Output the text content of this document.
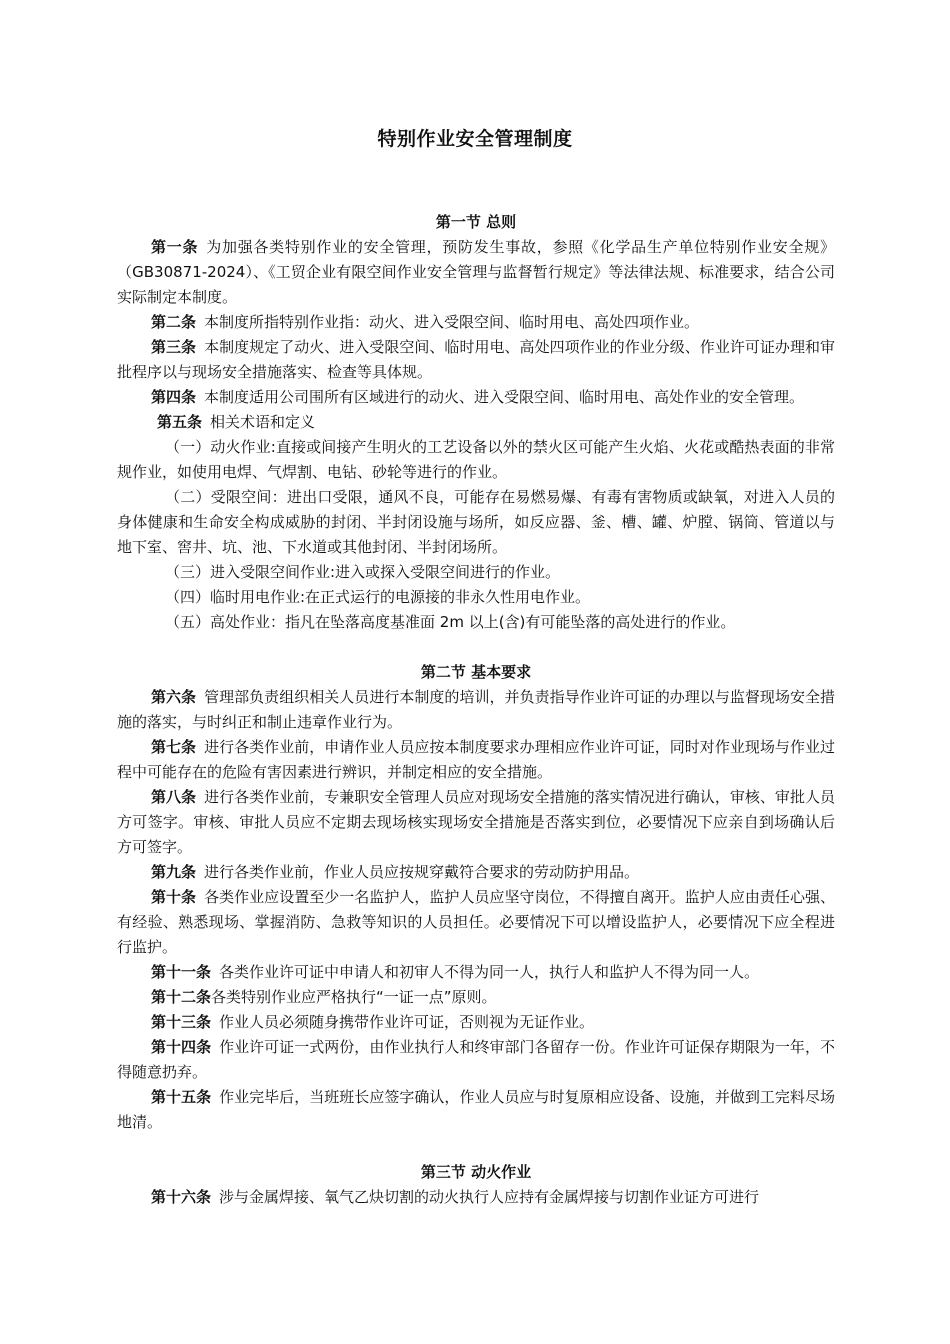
特别作业安全管理制度
第一节 总则

第一条 为加强各类特别作业的安全管理，预防发生事故，参照《化学品生产单位特别作业安全规》（GB30871-2024）、《工贸企业有限空间作业安全管理与监督暂行规定》等法律法规、标准要求，结合公司实际制定本制度。

第二条 本制度所指特别作业指：动火、进入受限空间、临时用电、高处四项作业。

第三条 本制度规定了动火、进入受限空间、临时用电、高处四项作业的作业分级、作业许可证办理和审批程序以与现场安全措施落实、检查等具体规。

第四条 本制度适用公司围所有区域进行的动火、进入受限空间、临时用电、高处作业的安全管理。

第五条 相关术语和定义

（一）动火作业:直接或间接产生明火的工艺设备以外的禁火区可能产生火焰、火花或酷热表面的非常规作业，如使用电焊、气焊割、电钻、砂轮等进行的作业。

（二）受限空间：进出口受限，通风不良，可能存在易燃易爆、有毒有害物质或缺氧，对进入人员的身体健康和生命安全构成威胁的封闭、半封闭设施与场所，如反应器、釜、槽、罐、炉膛、锅筒、管道以与地下室、窖井、坑、池、下水道或其他封闭、半封闭场所。

（三）进入受限空间作业:进入或探入受限空间进行的作业。

（四）临时用电作业:在正式运行的电源接的非永久性用电作业。

（五）高处作业：指凡在坠落高度基准面 2m 以上(含)有可能坠落的高处进行的作业。

第二节 基本要求

第六条 管理部负责组织相关人员进行本制度的培训，并负责指导作业许可证的办理以与监督现场安全措施的落实，与时纠正和制止违章作业行为。

第七条 进行各类作业前，申请作业人员应按本制度要求办理相应作业许可证，同时对作业现场与作业过程中可能存在的危险有害因素进行辨识，并制定相应的安全措施。

第八条 进行各类作业前，专兼职安全管理人员应对现场安全措施的落实情况进行确认，审核、审批人员方可签字。审核、审批人员应不定期去现场核实现场安全措施是否落实到位，必要情况下应亲自到场确认后方可签字。

第九条 进行各类作业前，作业人员应按规穿戴符合要求的劳动防护用品。

第十条 各类作业应设置至少一名监护人，监护人员应坚守岗位，不得擅自离开。监护人应由责任心强、有经验、熟悉现场、掌握消防、急救等知识的人员担任。必要情况下可以增设监护人，必要情况下应全程进行监护。

第十一条 各类作业许可证中申请人和初审人不得为同一人，执行人和监护人不得为同一人。

第十二条各类特别作业应严格执行“一证一点”原则。

第十三条 作业人员必须随身携带作业许可证，否则视为无证作业。

第十四条 作业许可证一式两份，由作业执行人和终审部门各留存一份。作业许可证保存期限为一年，不得随意扔弃。

第十五条 作业完毕后，当班班长应签字确认，作业人员应与时复原相应设备、设施，并做到工完料尽场地清。

第三节 动火作业

第十六条 涉与金属焊接、氧气乙炔切割的动火执行人应持有金属焊接与切割作业证方可进行
